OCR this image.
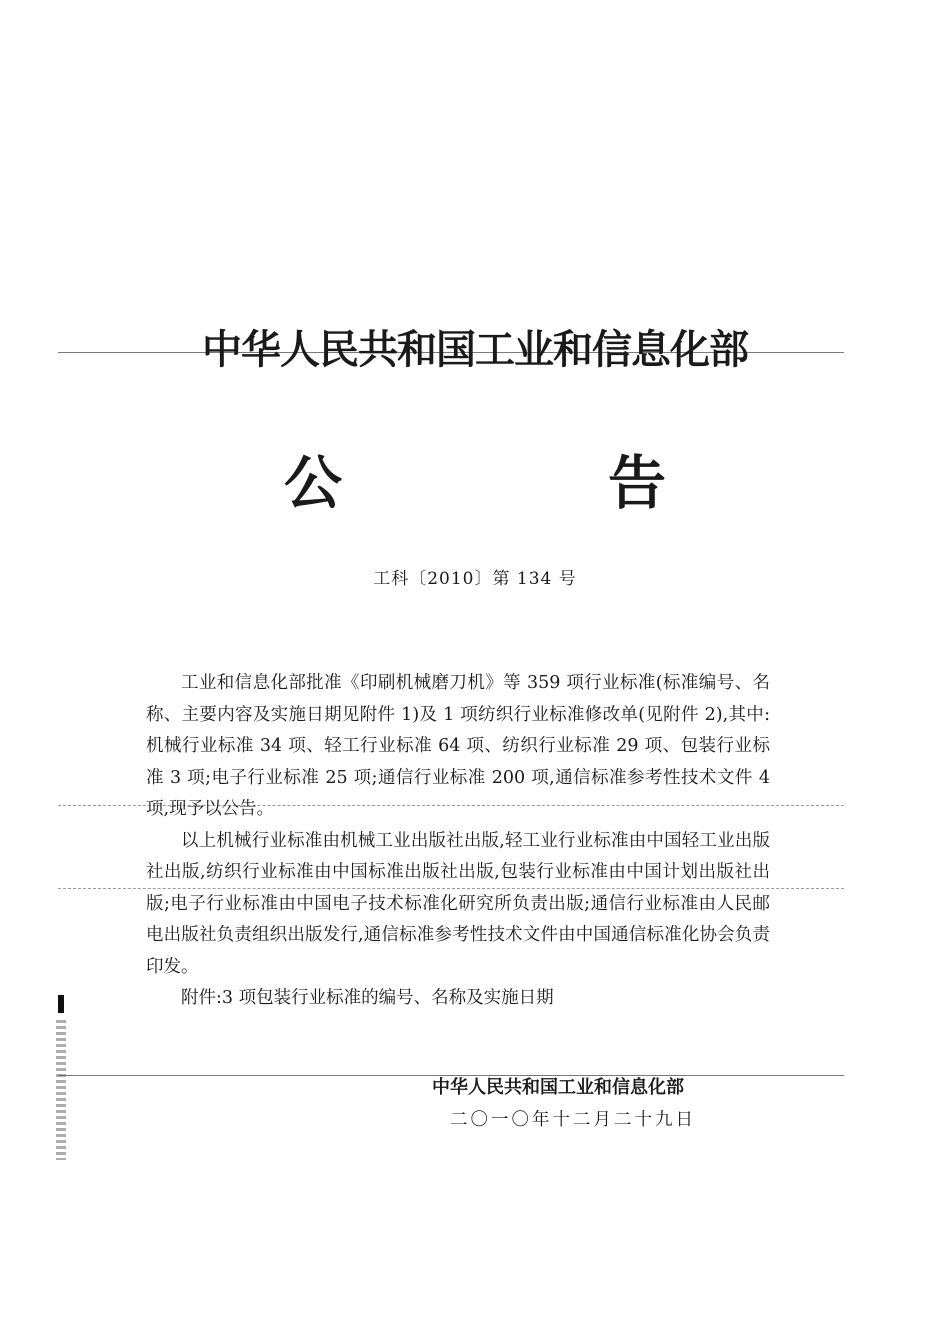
中华人民共和国工业和信息化部
公　告
工科〔2010〕第 134 号

工业和信息化部批准《印刷机械磨刀机》等 359 项行业标准(标准编号、名称、主要内容及实施日期见附件 1)及 1 项纺织行业标准修改单(见附件 2),其中:机械行业标准 34 项、轻工行业标准 64 项、纺织行业标准 29 项、包装行业标准 3 项;电子行业标准 25 项;通信行业标准 200 项,通信标准参考性技术文件 4 项,现予以公告。

以上机械行业标准由机械工业出版社出版,轻工业行业标准由中国轻工业出版社出版,纺织行业标准由中国标准出版社出版,包装行业标准由中国计划出版社出版;电子行业标准由中国电子技术标准化研究所负责出版;通信行业标准由人民邮电出版社负责组织出版发行,通信标准参考性技术文件由中国通信标准化协会负责印发。

附件:3 项包装行业标准的编号、名称及实施日期

中华人民共和国工业和信息化部
二〇一〇年十二月二十九日
